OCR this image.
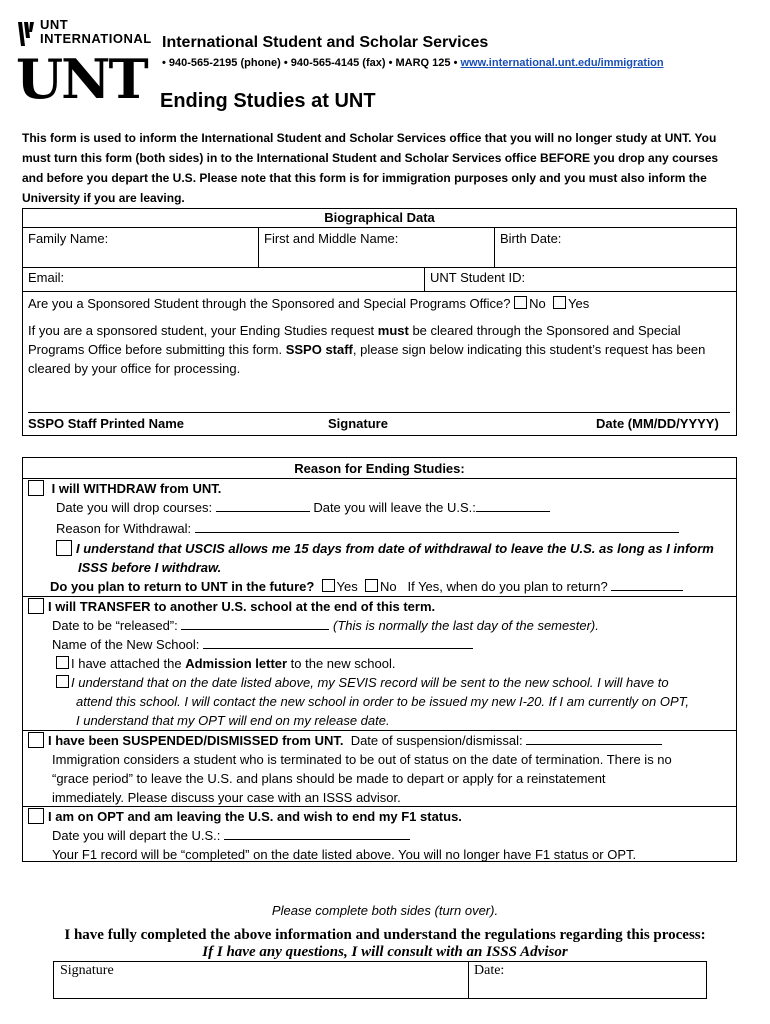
UNT
INTERNATIONAL
UNT
International Student and Scholar Services
• 940-565-2195 (phone) • 940-565-4145 (fax) • MARQ 125 • www.international.unt.edu/immigration
Ending Studies at UNT
This form is used to inform the International Student and Scholar Services office that you will no longer study at UNT. You must turn this form (both sides) in to the International Student and Scholar Services office BEFORE you drop any courses and before you depart the U.S. Please note that this form is for immigration purposes only and you must also inform the University if you are leaving.
Biographical Data
Family Name:	First and Middle Name:	Birth Date:
Email:	UNT Student ID:
Are you a Sponsored Student through the Sponsored and Special Programs Office? No Yes
If you are a sponsored student, your Ending Studies request must be cleared through the Sponsored and Special Programs Office before submitting this form. SSPO staff, please sign below indicating this student’s request has been cleared by your office for processing.
SSPO Staff Printed Name	Signature	Date (MM/DD/YYYY)
Reason for Ending Studies:
I will WITHDRAW from UNT.
Date you will drop courses:	Date you will leave the U.S.:
Reason for Withdrawal:
I understand that USCIS allows me 15 days from date of withdrawal to leave the U.S. as long as I inform
ISSS before I withdraw.
Do you plan to return to UNT in the future? Yes No If Yes, when do you plan to return?
I will TRANSFER to another U.S. school at the end of this term.
Date to be “released”:	(This is normally the last day of the semester).
Name of the New School:
I have attached the Admission letter to the new school.
I understand that on the date listed above, my SEVIS record will be sent to the new school. I will have to
attend this school. I will contact the new school in order to be issued my new I-20. If I am currently on OPT,
I understand that my OPT will end on my release date.
I have been SUSPENDED/DISMISSED from UNT. Date of suspension/dismissal:
Immigration considers a student who is terminated to be out of status on the date of termination. There is no
“grace period” to leave the U.S. and plans should be made to depart or apply for a reinstatement
immediately. Please discuss your case with an ISSS advisor.
I am on OPT and am leaving the U.S. and wish to end my F1 status.
Date you will depart the U.S.:
Your F1 record will be “completed” on the date listed above. You will no longer have F1 status or OPT.
Please complete both sides (turn over).
I have fully completed the above information and understand the regulations regarding this process:
If I have any questions, I will consult with an ISSS Advisor
Signature	Date:
